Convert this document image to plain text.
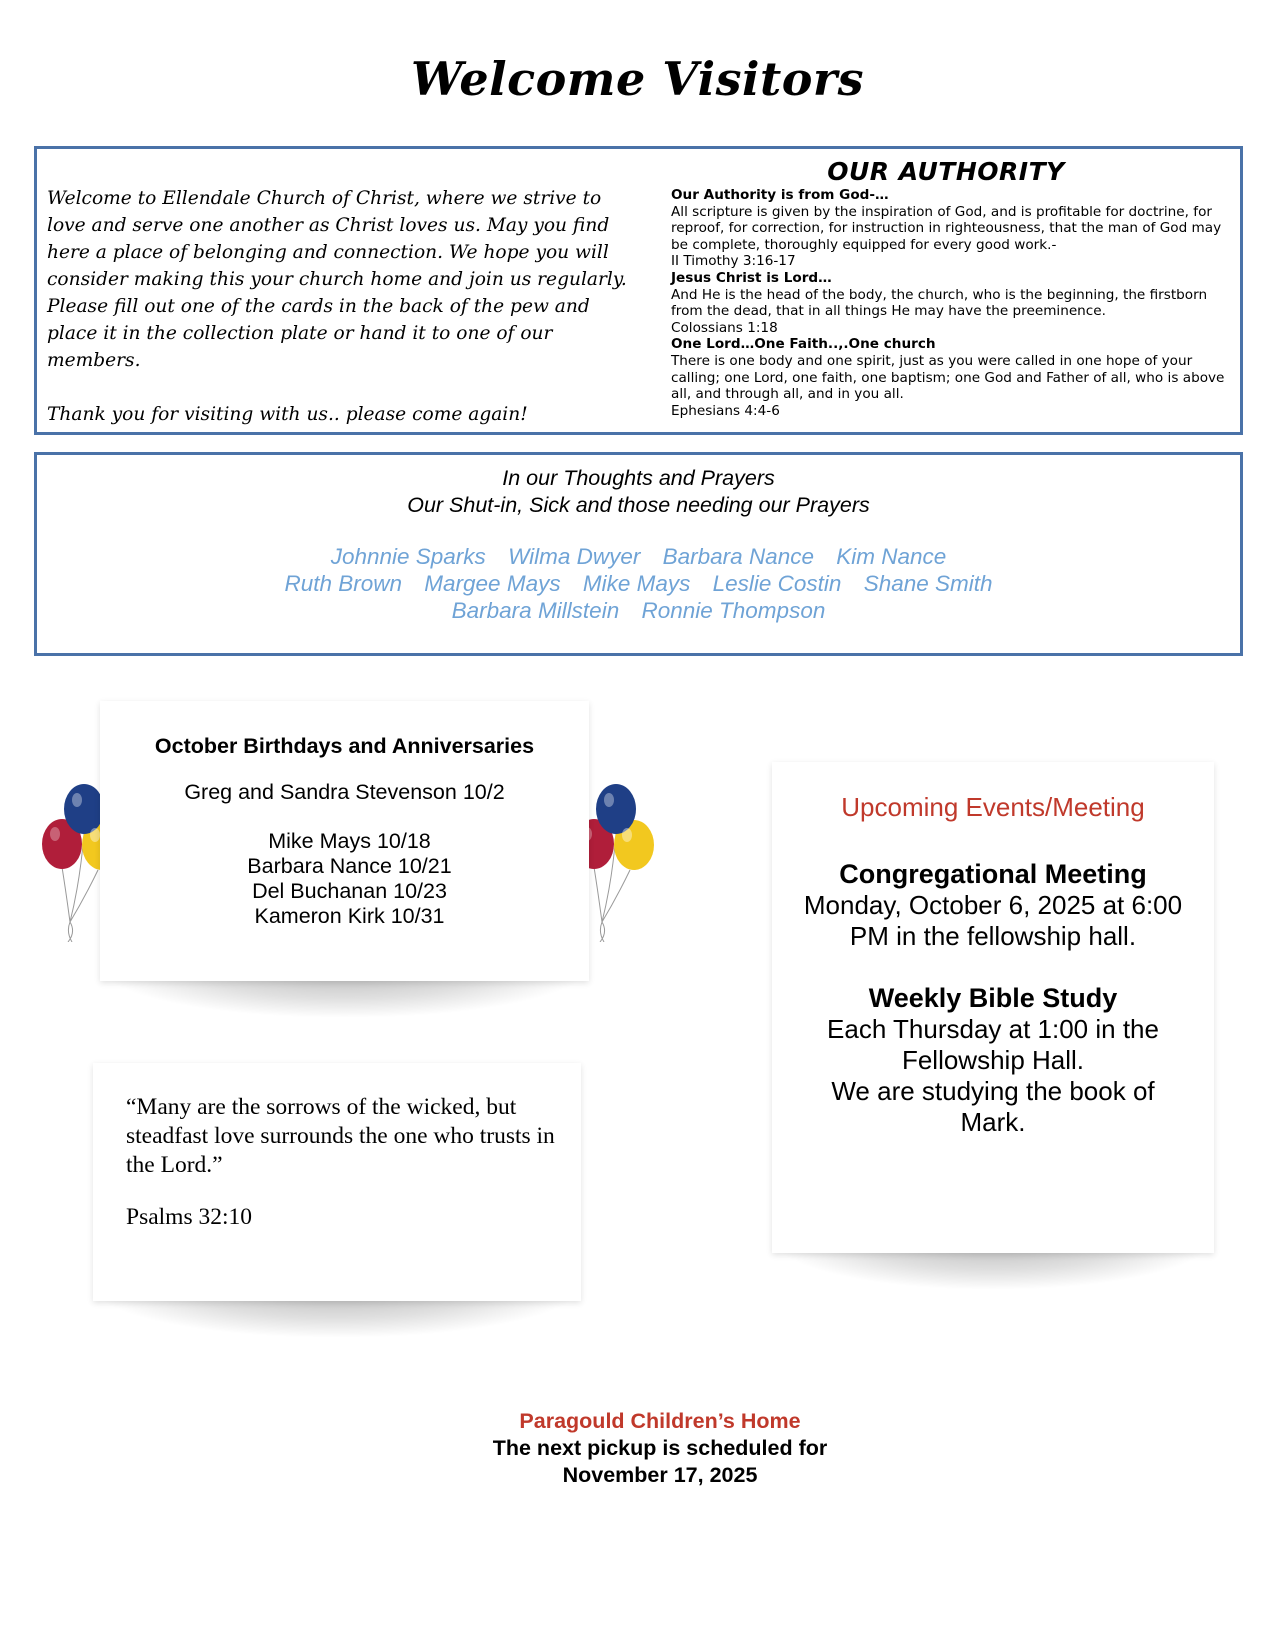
Welcome Visitors
Welcome to Ellendale Church of Christ, where we strive to love and serve one another as Christ loves us. May you find here a place of belonging and connection. We hope you will consider making this your church home and join us regularly. Please fill out one of the cards in the back of the pew and place it in the collection plate or hand it to one of our members.
Thank you for visiting with us.. please come again!
OUR AUTHORITY
Our Authority is from God-…
All scripture is given by the inspiration of God, and is profitable for doctrine, for reproof, for correction, for instruction in righteousness, that the man of God may be complete, thoroughly equipped for every good work.-
II Timothy 3:16-17
Jesus Christ is Lord…
And He is the head of the body, the church, who is the beginning, the firstborn from the dead, that in all things He may have the preeminence.
Colossians 1:18
One Lord…One Faith..,.One church
There is one body and one spirit, just as you were called in one hope of your calling; one Lord, one faith, one baptism; one God and Father of all, who is above all, and through all, and in you all.
Ephesians 4:4-6
In our Thoughts and Prayers
Our Shut-in, Sick and those needing our Prayers
Johnnie Sparks Wilma Dwyer Barbara Nance Kim Nance
Ruth Brown Margee Mays Mike Mays Leslie Costin Shane Smith
Barbara Millstein Ronnie Thompson
October Birthdays and Anniversaries
Greg and Sandra Stevenson 10/2
Mike Mays 10/18
Barbara Nance 10/21
Del Buchanan 10/23
Kameron Kirk 10/31
“Many are the sorrows of the wicked, but steadfast love surrounds the one who trusts in the Lord.”
Psalms 32:10
Upcoming Events/Meeting
Congregational Meeting
Monday, October 6, 2025 at 6:00 PM in the fellowship hall.
Weekly Bible Study
Each Thursday at 1:00 in the Fellowship Hall.
We are studying the book of Mark.
Paragould Children’s Home
The next pickup is scheduled for
November 17, 2025
